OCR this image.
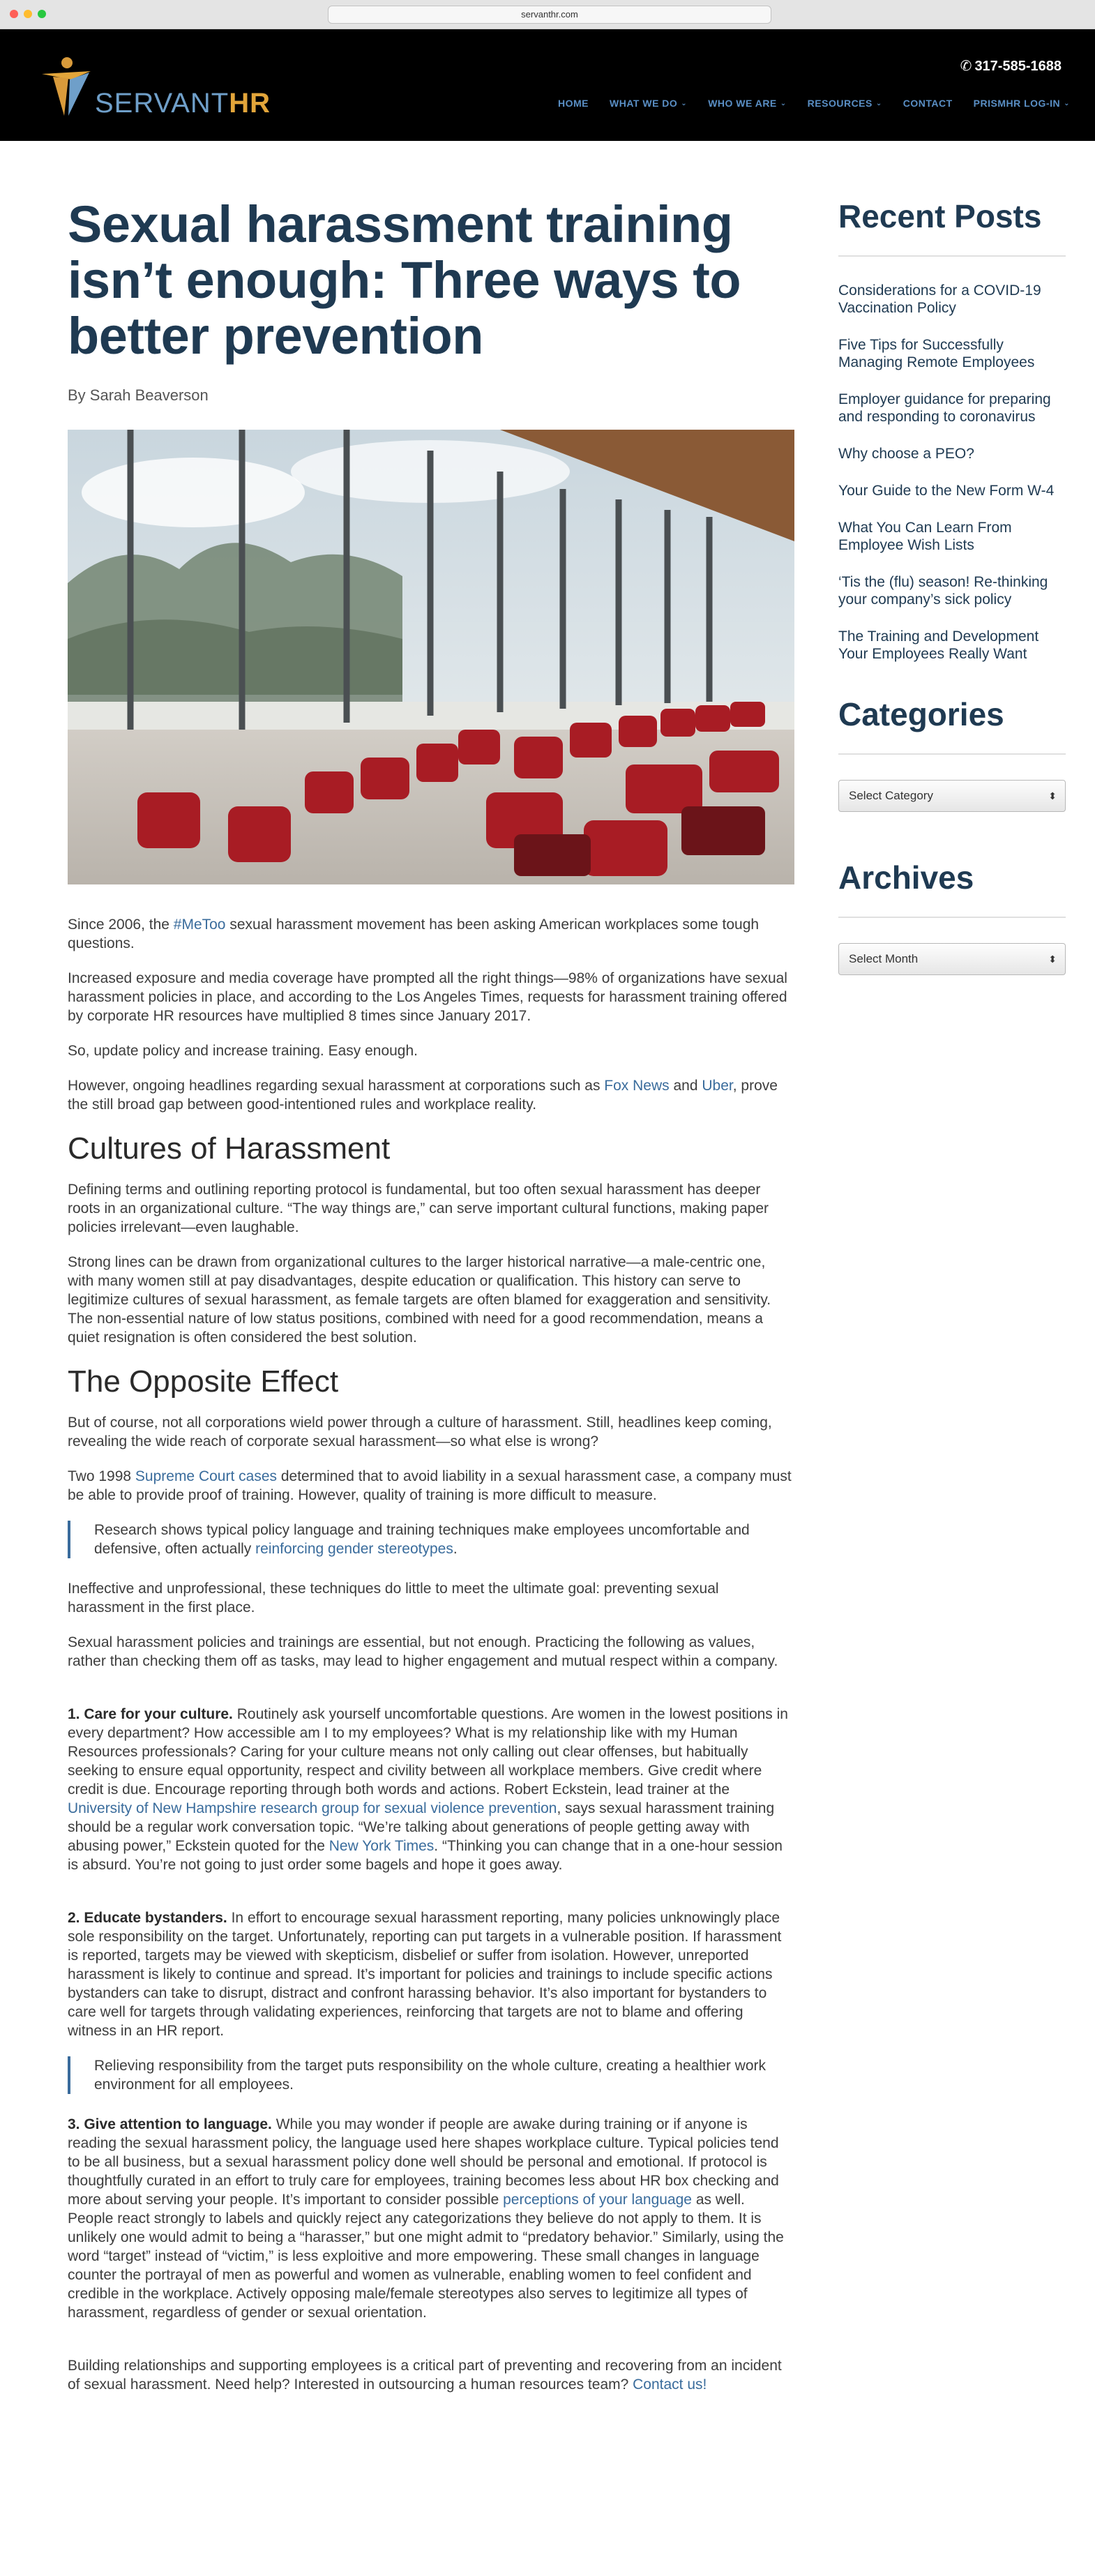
servanthr.com
SERVANTHR
✆ 317-585-1688
HOME WHAT WE DO ⌄ WHO WE ARE ⌄ RESOURCES ⌄ CONTACT PRISMHR LOG-IN ⌄
Sexual harassment training isn’t enough: Three ways to better prevention
By Sarah Beaverson

Since 2006, the #MeToo sexual harassment movement has been asking American workplaces some tough questions.

Increased exposure and media coverage have prompted all the right things—98% of organizations have sexual harassment policies in place, and according to the Los Angeles Times, requests for harassment training offered by corporate HR resources have multiplied 8 times since January 2017.

So, update policy and increase training. Easy enough.

However, ongoing headlines regarding sexual harassment at corporations such as Fox News and Uber, prove the still broad gap between good-intentioned rules and workplace reality.

Cultures of Harassment

Defining terms and outlining reporting protocol is fundamental, but too often sexual harassment has deeper roots in an organizational culture. “The way things are,” can serve important cultural functions, making paper policies irrelevant—even laughable.

Strong lines can be drawn from organizational cultures to the larger historical narrative—a male-centric one, with many women still at pay disadvantages, despite education or qualification. This history can serve to legitimize cultures of sexual harassment, as female targets are often blamed for exaggeration and sensitivity. The non-essential nature of low status positions, combined with need for a good recommendation, means a quiet resignation is often considered the best solution.

The Opposite Effect

But of course, not all corporations wield power through a culture of harassment. Still, headlines keep coming, revealing the wide reach of corporate sexual harassment—so what else is wrong?

Two 1998 Supreme Court cases determined that to avoid liability in a sexual harassment case, a company must be able to provide proof of training. However, quality of training is more difficult to measure.

Research shows typical policy language and training techniques make employees uncomfortable and defensive, often actually reinforcing gender stereotypes.

Ineffective and unprofessional, these techniques do little to meet the ultimate goal: preventing sexual harassment in the first place.

Sexual harassment policies and trainings are essential, but not enough. Practicing the following as values, rather than checking them off as tasks, may lead to higher engagement and mutual respect within a company.

1. Care for your culture. Routinely ask yourself uncomfortable questions. Are women in the lowest positions in every department? How accessible am I to my employees? What is my relationship like with my Human Resources professionals? Caring for your culture means not only calling out clear offenses, but habitually seeking to ensure equal opportunity, respect and civility between all workplace members. Give credit where credit is due. Encourage reporting through both words and actions. Robert Eckstein, lead trainer at the University of New Hampshire research group for sexual violence prevention, says sexual harassment training should be a regular work conversation topic. “We’re talking about generations of people getting away with abusing power,” Eckstein quoted for the New York Times. “Thinking you can change that in a one-hour session is absurd. You’re not going to just order some bagels and hope it goes away.

2. Educate bystanders. In effort to encourage sexual harassment reporting, many policies unknowingly place sole responsibility on the target. Unfortunately, reporting can put targets in a vulnerable position. If harassment is reported, targets may be viewed with skepticism, disbelief or suffer from isolation. However, unreported harassment is likely to continue and spread. It’s important for policies and trainings to include specific actions bystanders can take to disrupt, distract and confront harassing behavior. It’s also important for bystanders to care well for targets through validating experiences, reinforcing that targets are not to blame and offering witness in an HR report.

Relieving responsibility from the target puts responsibility on the whole culture, creating a healthier work environment for all employees.

3. Give attention to language. While you may wonder if people are awake during training or if anyone is reading the sexual harassment policy, the language used here shapes workplace culture. Typical policies tend to be all business, but a sexual harassment policy done well should be personal and emotional. If protocol is thoughtfully curated in an effort to truly care for employees, training becomes less about HR box checking and more about serving your people. It’s important to consider possible perceptions of your language as well. People react strongly to labels and quickly reject any categorizations they believe do not apply to them. It is unlikely one would admit to being a “harasser,” but one might admit to “predatory behavior.” Similarly, using the word “target” instead of “victim,” is less exploitive and more empowering. These small changes in language counter the portrayal of men as powerful and women as vulnerable, enabling women to feel confident and credible in the workplace. Actively opposing male/female stereotypes also serves to legitimize all types of harassment, regardless of gender or sexual orientation.

Building relationships and supporting employees is a critical part of preventing and recovering from an incident of sexual harassment. Need help? Interested in outsourcing a human resources team? Contact us!

Recent Posts
Considerations for a COVID-19 Vaccination Policy
Five Tips for Successfully Managing Remote Employees
Employer guidance for preparing and responding to coronavirus
Why choose a PEO?
Your Guide to the New Form W-4
What You Can Learn From Employee Wish Lists
‘Tis the (flu) season! Re-thinking your company’s sick policy
The Training and Development Your Employees Really Want
Categories
Select Category	⬍
Archives
Select Month	⬍
